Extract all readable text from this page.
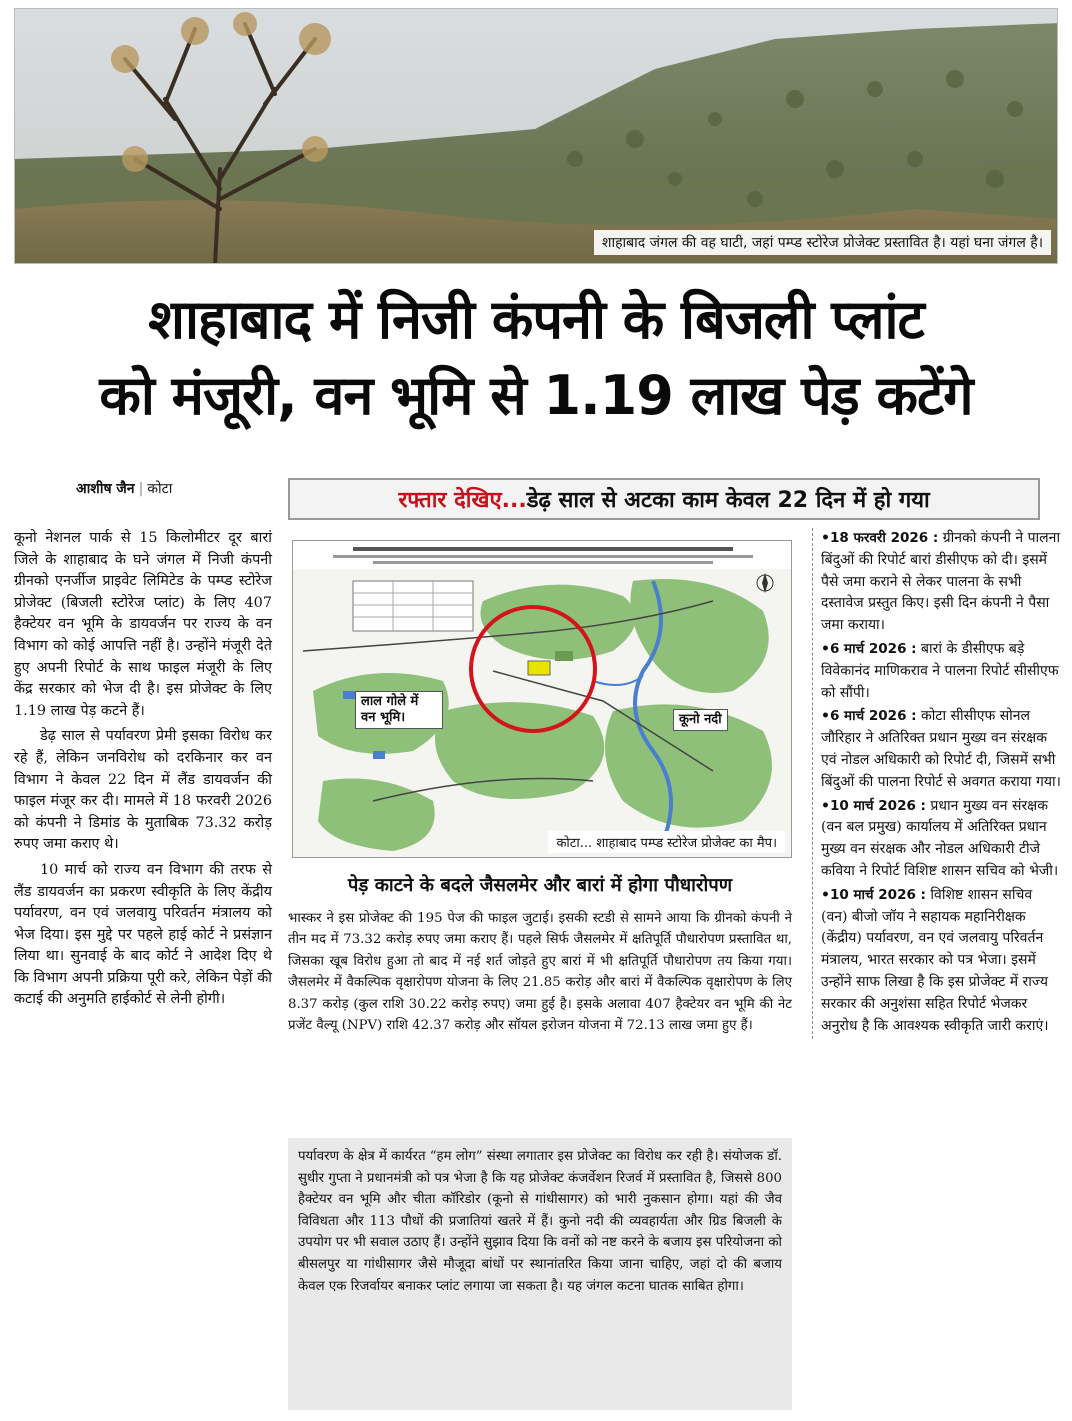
शाहाबाद जंगल की वह घाटी, जहां पम्प्ड स्टोरेज प्रोजेक्ट प्रस्तावित है। यहां घना जंगल है।
शाहाबाद में निजी कंपनी के बिजली प्लांट
को मंजूरी, वन भूमि से 1.19 लाख पेड़ कटेंगे
आशीष जैन | कोटा	रफ्तार देखिए... डेढ़ साल से अटका काम केवल 22 दिन में हो गया

कूनो नेशनल पार्क से 15 किलोमीटर दूर बारां जिले के शाहाबाद के घने जंगल में निजी कंपनी ग्रीनको एनर्जीज प्राइवेट लिमिटेड के पम्प्ड स्टोरेज प्रोजेक्ट (बिजली स्टोरेज प्लांट) के लिए 407 हैक्टेयर वन भूमि के डायवर्जन पर राज्य के वन विभाग को कोई आपत्ति नहीं है। उन्होंने मंजूरी देते हुए अपनी रिपोर्ट के साथ फाइल मंजूरी के लिए केंद्र सरकार को भेज दी है। इस प्रोजेक्ट के लिए 1.19 लाख पेड़ कटने हैं।

डेढ़ साल से पर्यावरण प्रेमी इसका विरोध कर रहे हैं, लेकिन जनविरोध को दरकिनार कर वन विभाग ने केवल 22 दिन में लैंड डायवर्जन की फाइल मंजूर कर दी। मामले में 18 फरवरी 2026 को कंपनी ने डिमांड के मुताबिक 73.32 करोड़ रुपए जमा कराए थे।

10 मार्च को राज्य वन विभाग की तरफ से लैंड डायवर्जन का प्रकरण स्वीकृति के लिए केंद्रीय पर्यावरण, वन एवं जलवायु परिवर्तन मंत्रालय को भेज दिया। इस मुद्दे पर पहले हाई कोर्ट ने प्रसंज्ञान लिया था। सुनवाई के बाद कोर्ट ने आदेश दिए थे कि विभाग अपनी प्रक्रिया पूरी करे, लेकिन पेड़ों की कटाई की अनुमति हाईकोर्ट से लेनी होगी।

लाल गोले में वन भूमि।	कूनो नदी
कोटा... शाहाबाद पम्प्ड स्टोरेज प्रोजेक्ट का मैप।
पेड़ काटने के बदले जैसलमेर और बारां में होगा पौधारोपण
भास्कर ने इस प्रोजेक्ट की 195 पेज की फाइल जुटाई। इसकी स्टडी से सामने आया कि ग्रीनको कंपनी ने तीन मद में 73.32 करोड़ रुपए जमा कराए हैं। पहले सिर्फ जैसलमेर में क्षतिपूर्ति पौधारोपण प्रस्तावित था, जिसका खूब विरोध हुआ तो बाद में नई शर्त जोड़ते हुए बारां में भी क्षतिपूर्ति पौधारोपण तय किया गया। जैसलमेर में वैकल्पिक वृक्षारोपण योजना के लिए 21.85 करोड़ और बारां में वैकल्पिक वृक्षारोपण के लिए 8.37 करोड़ (कुल राशि 30.22 करोड़ रुपए) जमा हुई है। इसके अलावा 407 हैक्टेयर वन भूमि की नेट प्रजेंट वैल्यू (NPV) राशि 42.37 करोड़ और सॉयल इरोजन योजना में 72.13 लाख जमा हुए हैं।
पर्यावरण के क्षेत्र में कार्यरत “हम लोग” संस्था लगातार इस प्रोजेक्ट का विरोध कर रही है। संयोजक डॉ. सुधीर गुप्ता ने प्रधानमंत्री को पत्र भेजा है कि यह प्रोजेक्ट कंजर्वेशन रिजर्व में प्रस्तावित है, जिससे 800 हैक्टेयर वन भूमि और चीता कॉरिडोर (कूनो से गांधीसागर) को भारी नुकसान होगा। यहां की जैव विविधता और 113 पौधों की प्रजातियां खतरे में हैं। कुनो नदी की व्यवहार्यता और ग्रिड बिजली के उपयोग पर भी सवाल उठाए हैं। उन्होंने सुझाव दिया कि वनों को नष्ट करने के बजाय इस परियोजना को बीसलपुर या गांधीसागर जैसे मौजूदा बांधों पर स्थानांतरित किया जाना चाहिए, जहां दो की बजाय केवल एक रिजर्वायर बनाकर प्लांट लगाया जा सकता है। यह जंगल कटना घातक साबित होगा।
•18 फरवरी 2026 : ग्रीनको कंपनी ने पालना बिंदुओं की रिपोर्ट बारां डीसीएफ को दी। इसमें पैसे जमा कराने से लेकर पालना के सभी दस्तावेज प्रस्तुत किए। इसी दिन कंपनी ने पैसा जमा कराया।
•6 मार्च 2026 : बारां के डीसीएफ बड़े विवेकानंद माणिकराव ने पालना रिपोर्ट सीसीएफ को सौंपी।
•6 मार्च 2026 : कोटा सीसीएफ सोनल जौरिहार ने अतिरिक्त प्रधान मुख्य वन संरक्षक एवं नोडल अधिकारी को रिपोर्ट दी, जिसमें सभी बिंदुओं की पालना रिपोर्ट से अवगत कराया गया।
•10 मार्च 2026 : प्रधान मुख्य वन संरक्षक (वन बल प्रमुख) कार्यालय में अतिरिक्त प्रधान मुख्य वन संरक्षक और नोडल अधिकारी टीजे कविया ने रिपोर्ट विशिष्ट शासन सचिव को भेजी।
•10 मार्च 2026 : विशिष्ट शासन सचिव (वन) बीजो जॉय ने सहायक महानिरीक्षक (केंद्रीय) पर्यावरण, वन एवं जलवायु परिवर्तन मंत्रालय, भारत सरकार को पत्र भेजा। इसमें उन्होंने साफ लिखा है कि इस प्रोजेक्ट में राज्य सरकार की अनुशंसा सहित रिपोर्ट भेजकर अनुरोध है कि आवश्यक स्वीकृति जारी कराएं।
